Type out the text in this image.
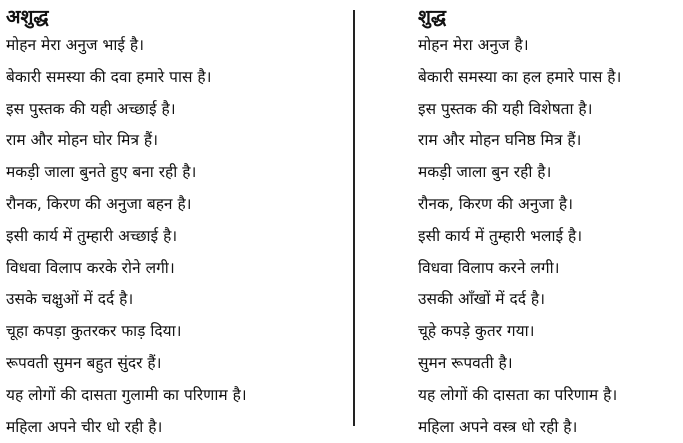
अशुद्ध
मोहन मेरा अनुज भाई है।
बेकारी समस्या की दवा हमारे पास है।
इस पुस्तक की यही अच्छाई है।
राम और मोहन घोर मित्र हैं।
मकड़ी जाला बुनते हुए बना रही है।
रौनक, किरण की अनुजा बहन है।
इसी कार्य में तुम्हारी अच्छाई है।
विधवा विलाप करके रोने लगी।
उसके चक्षुओं में दर्द है।
चूहा कपड़ा कुतरकर फाड़ दिया।
रूपवती सुमन बहुत सुंदर हैं।
यह लोगों की दासता गुलामी का परिणाम है।
महिला अपने चीर धो रही है।
शुद्ध
मोहन मेरा अनुज है।
बेकारी समस्या का हल हमारे पास है।
इस पुस्तक की यही विशेषता है।
राम और मोहन घनिष्ठ मित्र हैं।
मकड़ी जाला बुन रही है।
रौनक, किरण की अनुजा है।
इसी कार्य में तुम्हारी भलाई है।
विधवा विलाप करने लगी।
उसकी आँखों में दर्द है।
चूहे कपड़े कुतर गया।
सुमन रूपवती है।
यह लोगों की दासता का परिणाम है।
महिला अपने वस्त्र धो रही है।
